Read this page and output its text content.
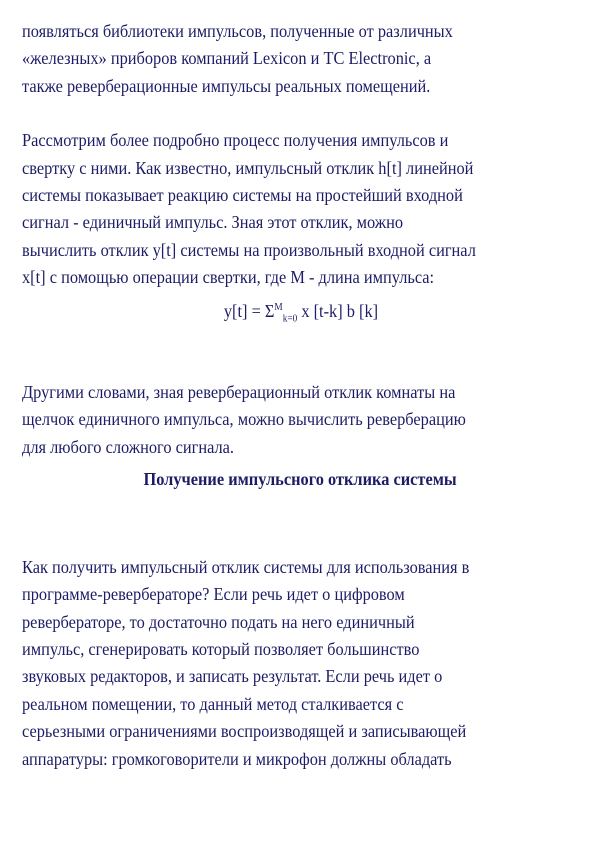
появляться библиотеки импульсов, полученные от различных
«железных» приборов компаний Lexicon и TC Electronic, а
также реверберационные импульсы реальных помещений.
Рассмотрим более подробно процесс получения импульсов и
свертку с ними. Как известно, импульсный отклик h[t] линейной
системы показывает реакцию системы на простейший входной
сигнал - единичный импульс. Зная этот отклик, можно
вычислить отклик y[t] системы на произвольный входной сигнал
x[t] с помощью операции свертки, где M - длина импульса:
$y[t] = \Sigma^M_{k=0}$ x [t-k] b [k]
Другими словами, зная реверберационный отклик комнаты на
щелчок единичного импульса, можно вычислить реверберацию
для любого сложного сигнала.
Получение импульсного отклика системы
Как получить импульсный отклик системы для использования в
программе-ревербераторе? Если речь идет о цифровом
ревербераторе, то достаточно подать на него единичный
импульс, сгенерировать который позволяет большинство
звуковых редакторов, и записать результат. Если речь идет о
реальном помещении, то данный метод сталкивается с
серьезными ограничениями воспроизводящей и записывающей
аппаратуры: громкоговорители и микрофон должны обладать
